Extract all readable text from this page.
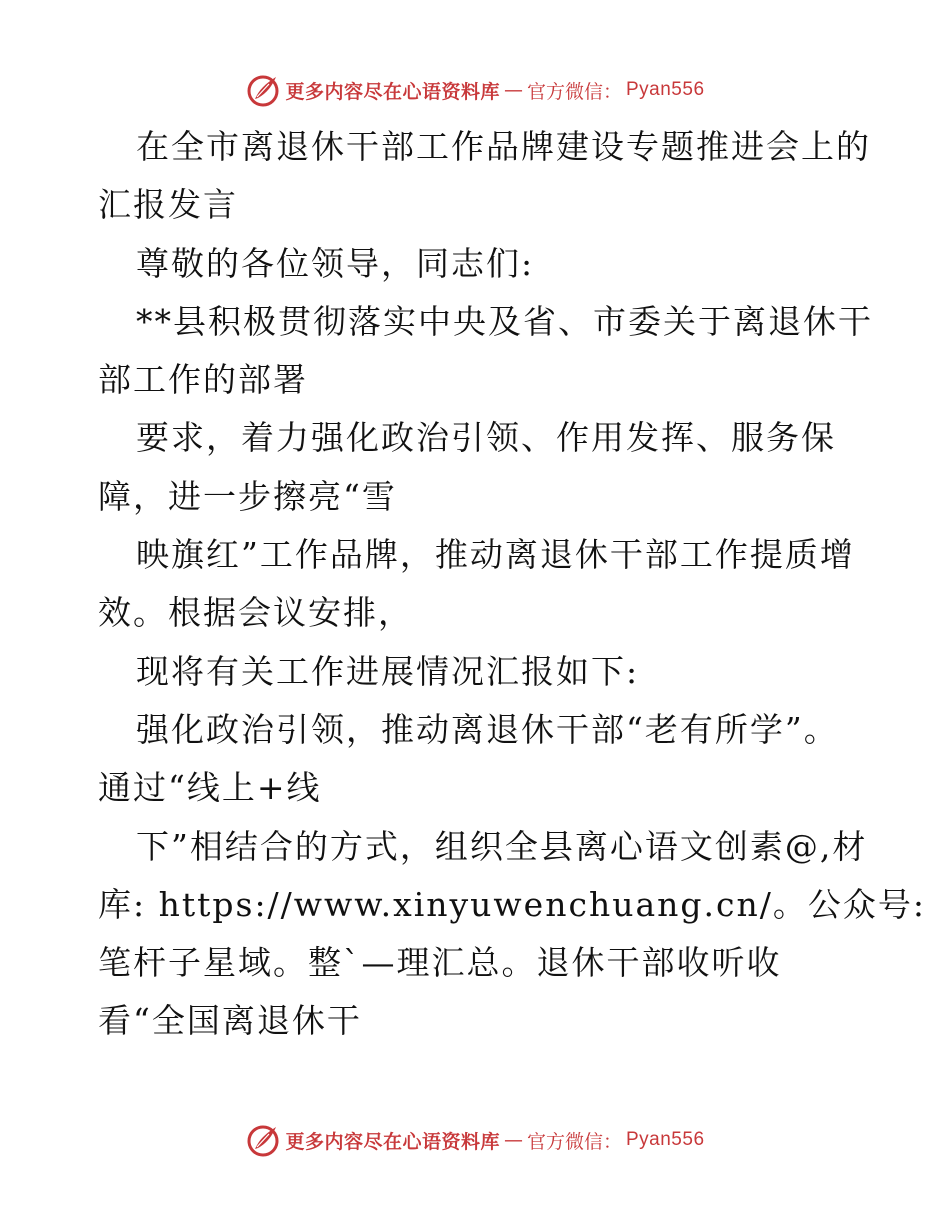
更多内容尽在心语资料库 — 官方微信： Pyan556
在全市离退休干部工作品牌建设专题推进会上的
汇报发言
尊敬的各位领导，同志们:
**县积极贯彻落实中央及省、市委关于离退休干
部工作的部署
要求，着力强化政治引领、作用发挥、服务保
障，进一步擦亮“雪
映旗红”工作品牌，推动离退休干部工作提质增
效。根据会议安排，
现将有关工作进展情况汇报如下:
强化政治引领，推动离退休干部“老有所学”。
通过“线上+线
下”相结合的方式，组织全县离心语文创素@,材
库: https://www.xinyuwenchuang.cn/。公众号:
笔杆子星域。整`—理汇总。退休干部收听收
看“全国离退休干
更多内容尽在心语资料库 — 官方微信： Pyan556
